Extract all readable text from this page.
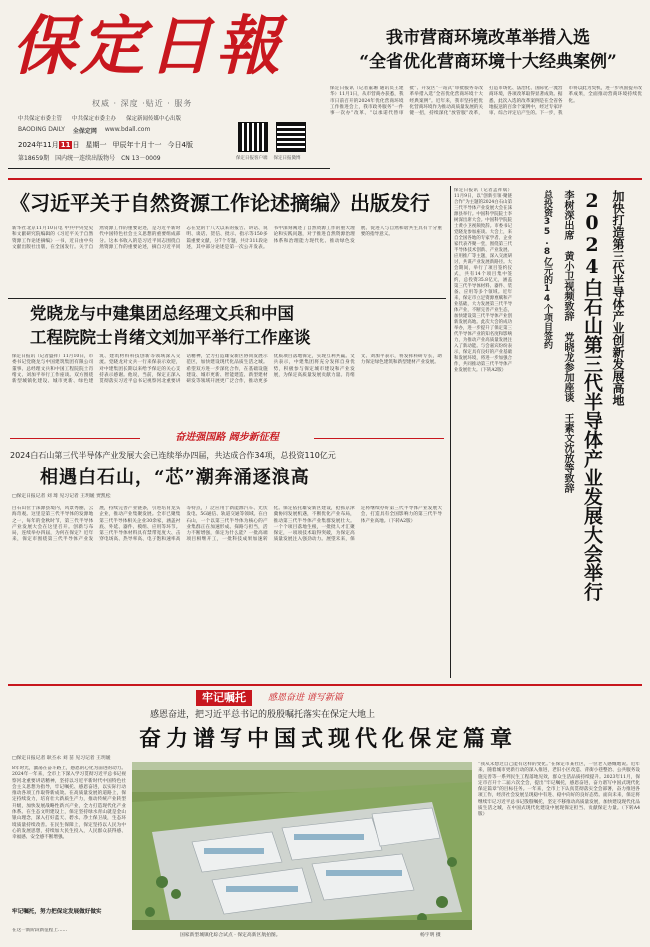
保定日報
权威 · 深度 ·贴近 · 服务
中共保定市委主管 中共保定市委主办 保定新闻传媒中心出版
BAODING DAILY 全保定网 www.bdall.com
2024年11月 11 日 星期一 甲辰年十月十一 今日4版
第18659期 国内统一连续出版物号 CN 13－0009	保定日报客户端 保定日报微博
我市营商环境改革举措入选
“全省优化营商环境十大经典案例”
保定日报讯（记者董珊 通讯员王建华）11月1日，从市营商办获悉，我市日前召开的2024年优化营商环境工作推进会上，我市政务服务“一件事一次办”改革、“以承诺代替审批”、开发区“一站式”审批服务等改革举措入选“全省优化营商环境十大经典案例”。近年来，我市坚持把优化营商环境作为推动高质量发展的关键一招，持续深化“放管服”改革，打造市场化、法治化、国际化一流营商环境，各项改革取得显著成效。据悉，此次入选的改革案例是在全省各地报送的百余个案例中，经过专家评审、综合评定后产生的。下一步，我市将以此为契机，进一步巩固提升改革成果，全面推动营商环境持续优化。
《习近平关于自然资源工作论述摘编》出版发行
新华社北京11月10日电 中共中央党史和文献研究院编辑的《习近平关于自然资源工作论述摘编》一书，近日由中央文献出版社出版，在全国发行。关于自然资源工作的重要论述，是习近平新时代中国特色社会主义思想的重要组成部分。这本书收入的是习近平同志围绕自然资源工作的重要论述，摘自习近平同志在党的十八大以来的报告、讲话、说明、谈话、贺信、批示、指示等150多篇重要文献，分7个专题，共计311段论述，其中部分论述是第一次公开发表。书中深刻阐述了自然资源工作的重大理论和实践问题，对于推进自然资源治理体系和治理能力现代化、推动绿色发展、促进人与自然和谐共生具有十分重要的指导意义。
党晓龙与中建集团总经理文兵和中国
工程院院士肖绪文刘加平举行工作座谈
保定日报讯（记者盛祥）11月10日，市委书记党晓龙与中国建筑集团有限公司董事、总经理文兵和中国工程院院士肖绪文、刘加平举行工作座谈。双方围绕新型城镇化建设、城市更新、绿色建筑、建筑材料科技创新等领域深入交流。党晓龙对文兵一行来保表示欢迎，对中建集团长期以来给予保定的关心支持表示感谢。他说，当前，保定正深入贯彻落实习近平总书记视察河北重要讲话精神，全力打造雄安新区协同发展示范区，加快建设现代化品质生活之城。希望双方进一步深化合作，在基础设施建设、城市更新、智能建造、新型建材研发等领域开展更广泛合作，推动更多优质项目落地保定，实现互利共赢。文兵表示，中建集团将充分发挥自身优势，积极参与保定城市建设和产业发展，为保定高质量发展贡献力量。肖绪文、刘加平表示，将发挥科研专长，助力保定绿色建筑和新型建材产业发展。
奋进强国路 阔步新征程
2024白石山第三代半导体产业发展大会已连续举办四届，共达成合作34项，总投资110亿元
相遇白石山，“芯”潮奔涌逐浪高
□保定日报记者 刘 琦 见习记者 王玥媛 贾凯松
白石山位于涞源县境内，风景秀丽，云海奇观。这里是第三代半导体的发源地之一，每年的金秋时节，第三代半导体产业发展大会在这里召开。创新与布局，连续举办四届，为何在保定？近年来，保定市围绕第三代半导体产业发展，持续完善产业链条，引进培育龙头企业，推动产业集聚发展。全市已聚集第三代半导体相关企业30余家，涵盖衬底、外延、器件、模组、应用等环节。第三代半导体材料具有禁带宽度大、击穿电场高、热导率高、电子饱和速率高等特点，广泛应用于新能源汽车、光伏发电、5G通信、轨道交通等领域。在白石山，一个以第三代半导体为核心的产业集群正在加速形成。探路与担当，活力不断增强，保定为什么能？一批高端项目相继开工，一批科技成果加速转化。保定依托雄安新区建设，抢抓京津冀协同发展机遇，不断优化产业布局，推动第三代半导体产业集群发展壮大。一个个项目落地生根，一批批人才汇聚保定，一项项技术取得突破，为保定高质量发展注入强劲动力。展望未来，保定将继续办好第三代半导体产业发展大会，打造具有全国影响力的第三代半导体产业高地。（下转A2版）
保定日报讯（记者孟祥斌）11月9日，以“创新引领·聚链合作”为主题的2024白石山第三代半导体产业发展大会在涞源县举行。中国科学院院士李树深出席大会。中国科学院院士黄小卫视频致辞。市委书记党晓龙参加座谈。大会上，来自全国各地的专家学者、企业家代表齐聚一堂，围绕第三代半导体技术创新、产业发展、应用推广等主题，深入交流研讨，共谋产业发展新路径。大会期间，举行了项目签约仪式，共有14个项目集中签约，总投资35.8亿元，涵盖第三代半导体材料、器件、装备、应用等多个领域。近年来，保定市立足资源禀赋和产业基础，大力发展第三代半导体产业，不断完善产业生态，加快建设第三代半导体产业创新发展高地。此次大会的成功举办，进一步提升了保定第三代半导体产业的知名度和影响力，为推动产业高质量发展注入了新动能。与会嘉宾纷纷表示，保定具有良好的产业基础和发展环境，将进一步加强合作，共同推动第三代半导体产业发展壮大。（下转A2版）	2024白石山第三代半导体产业发展大会举行 加快打造第三代半导体产业创新发展高地
李树深出席 黄小卫视频致辞 党晓龙参加座谈 王素文沈放等致辞
总投资35.8亿元的14个项目签约
牢记嘱托	感恩奋进 谱写新篇
感恩奋进，把习近平总书记的殷殷嘱托落实在保定大地上
奋力谱写中国式现代化保定篇章
□保定日报记者 耿丕永 刘 苗 见习记者 王玥媛
8年时光，激荡在奋斗路上，感恩的心化为前进的动力。2024年一年来，全市上下深入学习贯彻习近平总书记视察河北重要讲话精神，坚持以习近平新时代中国特色社会主义思想为指导，牢记嘱托、感恩奋进，以实际行动推动各项工作取得新成效。在高质量发展的道路上，保定持续发力，培育壮大新质生产力，推动传统产业转型升级，加快发展战略性新兴产业，全力打造现代化产业体系。在生态文明建设上，保定坚持绿水青山就是金山银山理念，深入打好蓝天、碧水、净土保卫战，生态环境质量持续改善。在民生保障上，保定坚持以人民为中心的发展思想，持续加大民生投入，人民群众获得感、幸福感、安全感不断增强。
牢记嘱托，努力把保定发展做好做实
在这一新阶段新征程上……
国家新型城镇化综合试点 · 保定高新区航拍图。	杨宇明 摄
“我从未想过自己能有这样的变化。”在保定市某社区，一位老人感慨地说。近年来，随着城市更新行动的深入推进，老旧小区改造、背街小巷整治、公共服务设施完善等一系列民生工程落地见效，群众生活品质持续提升。2023年11月，保定市召开十二届六次全会，提出“牢记嘱托，感恩奋进，奋力谱写中国式现代化保定篇章”的目标任务。一年来，全市上下认真贯彻落实全会部署，奋力推进各项工作，经济社会发展呈现稳中有进、稳中向好的良好态势。面向未来，保定将继续牢记习近平总书记殷殷嘱托，坚定不移推动高质量发展，加快建设现代化品质生活之城，在中国式现代化建设中展现保定担当、贡献保定力量。（下转A4版）
